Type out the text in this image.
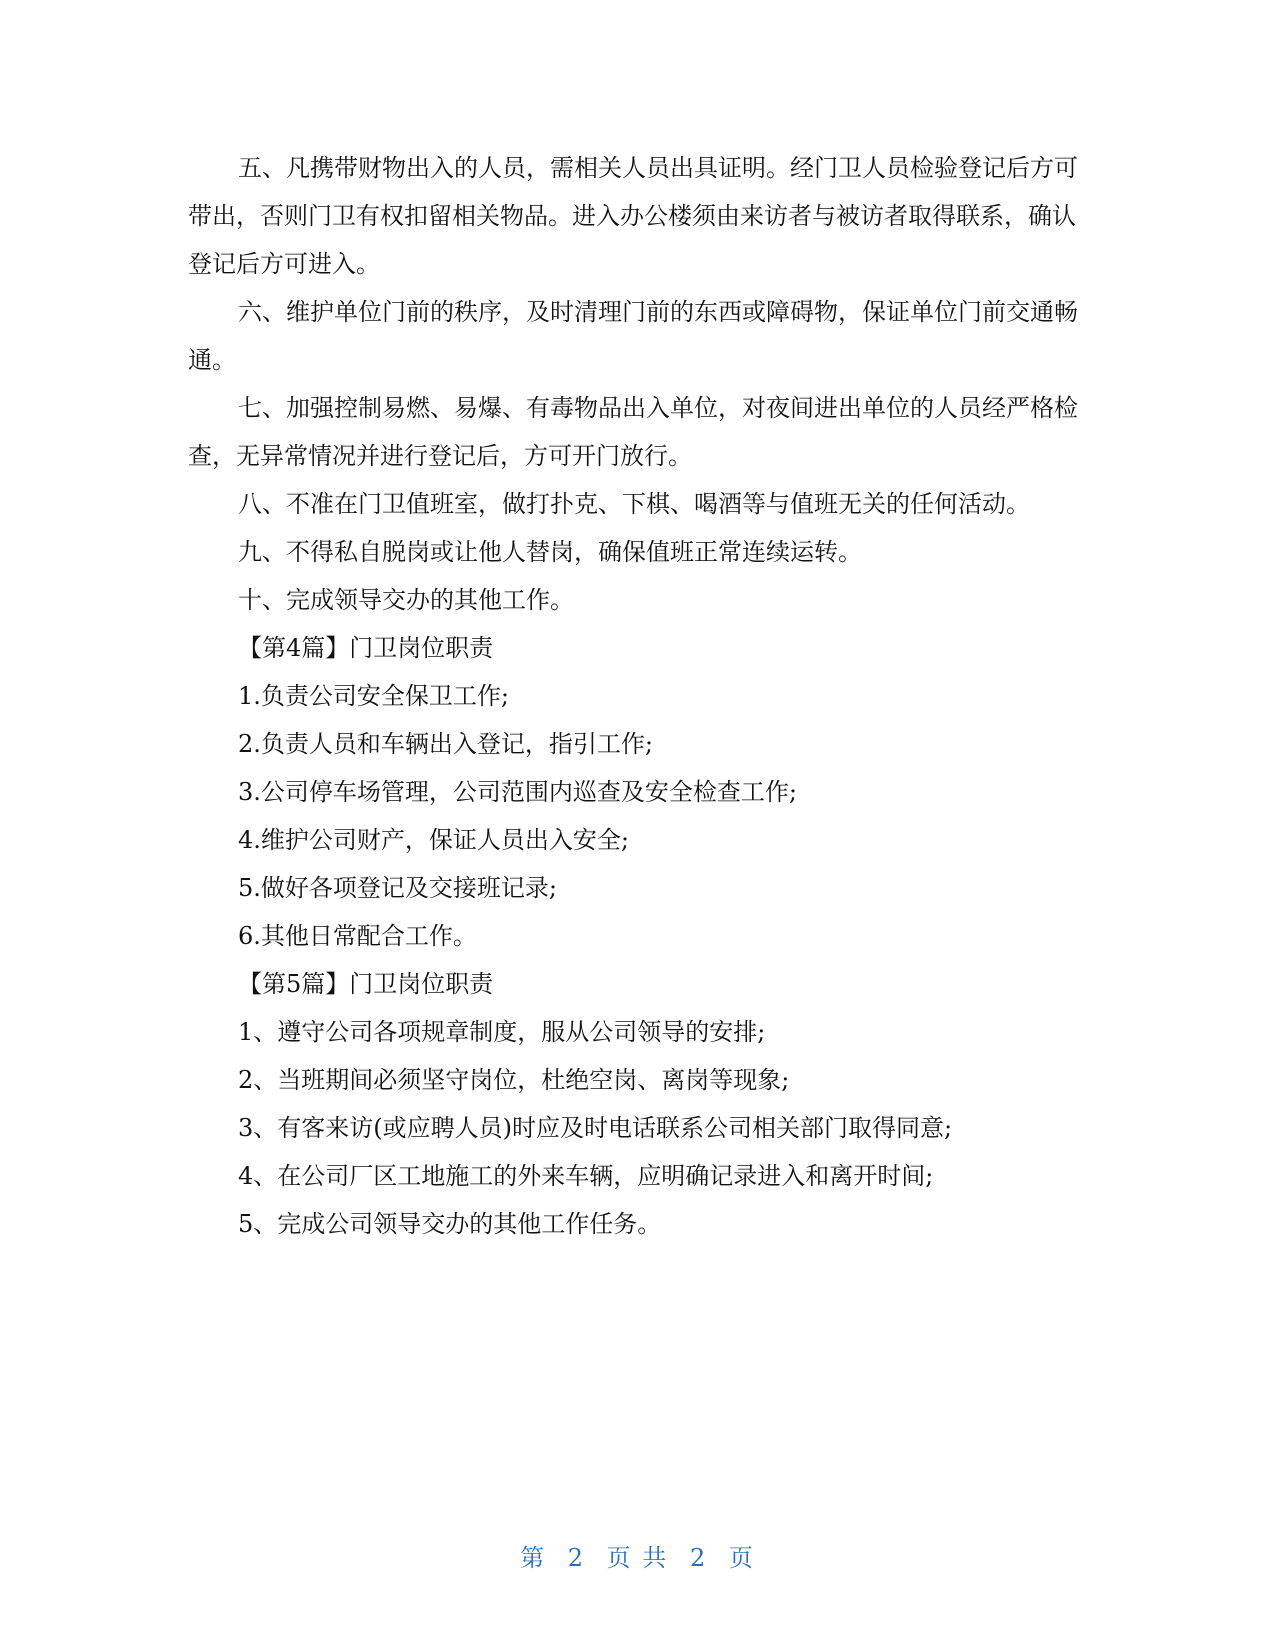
五、凡携带财物出入的人员，需相关人员出具证明。经门卫人员检验登记后方可带出，否则门卫有权扣留相关物品。进入办公楼须由来访者与被访者取得联系，确认登记后方可进入。

六、维护单位门前的秩序，及时清理门前的东西或障碍物，保证单位门前交通畅通。

七、加强控制易燃、易爆、有毒物品出入单位，对夜间进出单位的人员经严格检查，无异常情况并进行登记后，方可开门放行。

八、不准在门卫值班室，做打扑克、下棋、喝酒等与值班无关的任何活动。

九、不得私自脱岗或让他人替岗，确保值班正常连续运转。

十、完成领导交办的其他工作。

【第4篇】门卫岗位职责

1.负责公司安全保卫工作;

2.负责人员和车辆出入登记，指引工作;

3.公司停车场管理，公司范围内巡查及安全检查工作;

4.维护公司财产，保证人员出入安全;

5.做好各项登记及交接班记录;

6.其他日常配合工作。

【第5篇】门卫岗位职责

1、遵守公司各项规章制度，服从公司领导的安排;

2、当班期间必须坚守岗位，杜绝空岗、离岗等现象;

3、有客来访(或应聘人员)时应及时电话联系公司相关部门取得同意;

4、在公司厂区工地施工的外来车辆，应明确记录进入和离开时间;

5、完成公司领导交办的其他工作任务。

第 2 页 共 2 页
